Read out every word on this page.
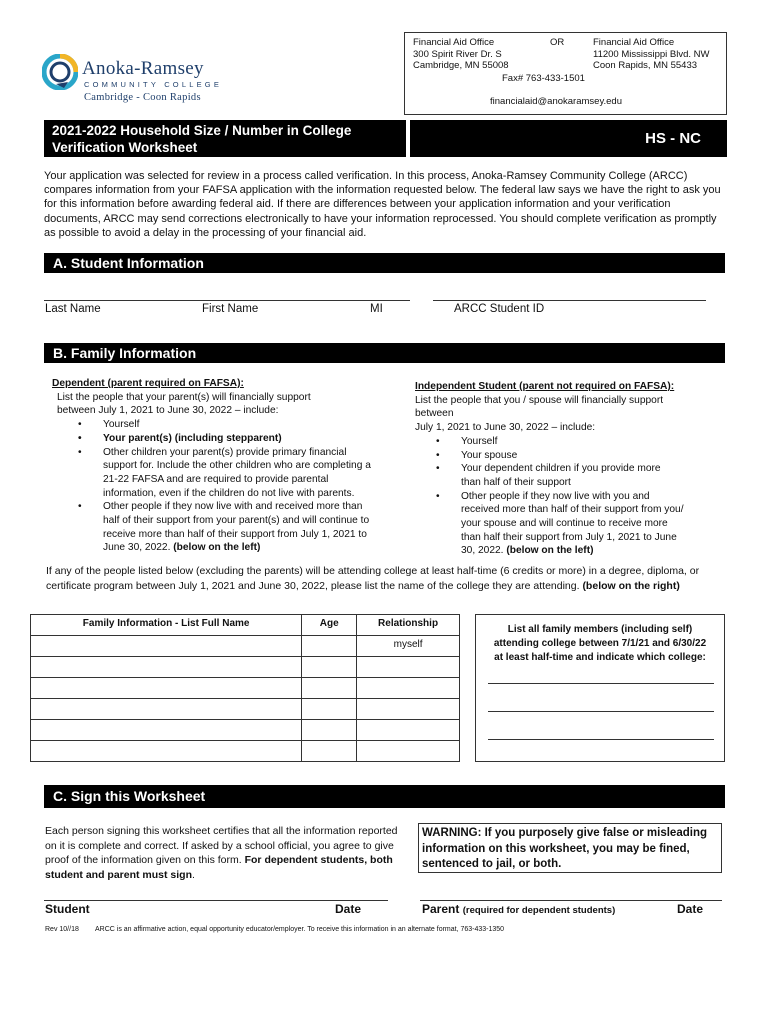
Anoka-Ramsey
COMMUNITY COLLEGE
Cambridge - Coon Rapids
Financial Aid Office
300 Spirit River Dr. S
Cambridge, MN 55008
OR	Financial Aid Office
11200 Mississippi Blvd. NW
Coon Rapids, MN 55433
Fax# 763-433-1501
financialaid@anokaramsey.edu
2021-2022 Household Size / Number in College
Verification Worksheet
HS - NC
Your application was selected for review in a process called verification. In this process, Anoka-Ramsey Community College (ARCC) compares information from your FAFSA application with the information requested below. The federal law says we have the right to ask you for this information before awarding federal aid. If there are differences between your application information and your verification documents, ARCC may send corrections electronically to have your information reprocessed. You should complete verification as promptly as possible to avoid a delay in the processing of your financial aid.
A. Student Information
Last Name	First Name	MI	ARCC Student ID
B. Family Information
Dependent (parent required on FAFSA):
List the people that your parent(s) will financially support
between July 1, 2021 to June 30, 2022 – include:
• Yourself
• Your parent(s) (including stepparent)
• Other children your parent(s) provide primary financial
support for. Include the other children who are completing a
21-22 FAFSA and are required to provide parental
information, even if the children do not live with parents.
• Other people if they now live with and received more than
half of their support from your parent(s) and will continue to
receive more than half of their support from July 1, 2021 to
June 30, 2022. (below on the left)
Independent Student (parent not required on FAFSA):
List the people that you / spouse will financially support
between
July 1, 2021 to June 30, 2022 – include:
• Yourself
• Your spouse
• Your dependent children if you provide more
than half of their support
• Other people if they now live with you and
received more than half of their support from you/
your spouse and will continue to receive more
than half their support from July 1, 2021 to June
30, 2022. (below on the left)
If any of the people listed below (excluding the parents) will be attending college at least half-time (6 credits or more) in a degree, diploma, or certificate program between July 1, 2021 and June 30, 2022, please list the name of the college they are attending. (below on the right)
Family Information - List Full Name	Age	Relationship
		myself

List all family members (including self)
attending college between 7/1/21 and 6/30/22
at least half-time and indicate which college:
C. Sign this Worksheet
Each person signing this worksheet certifies that all the information reported on it is complete and correct. If asked by a school official, you agree to give proof of the information given on this form. For dependent students, both student and parent must sign.
WARNING: If you purposely give false or misleading information on this worksheet, you may be fined, sentenced to jail, or both.
Student	Date	Parent (required for dependent students)	Date
Rev 10//18 ARCC is an affirmative action, equal opportunity educator/employer. To receive this information in an alternate format, 763-433-1350
